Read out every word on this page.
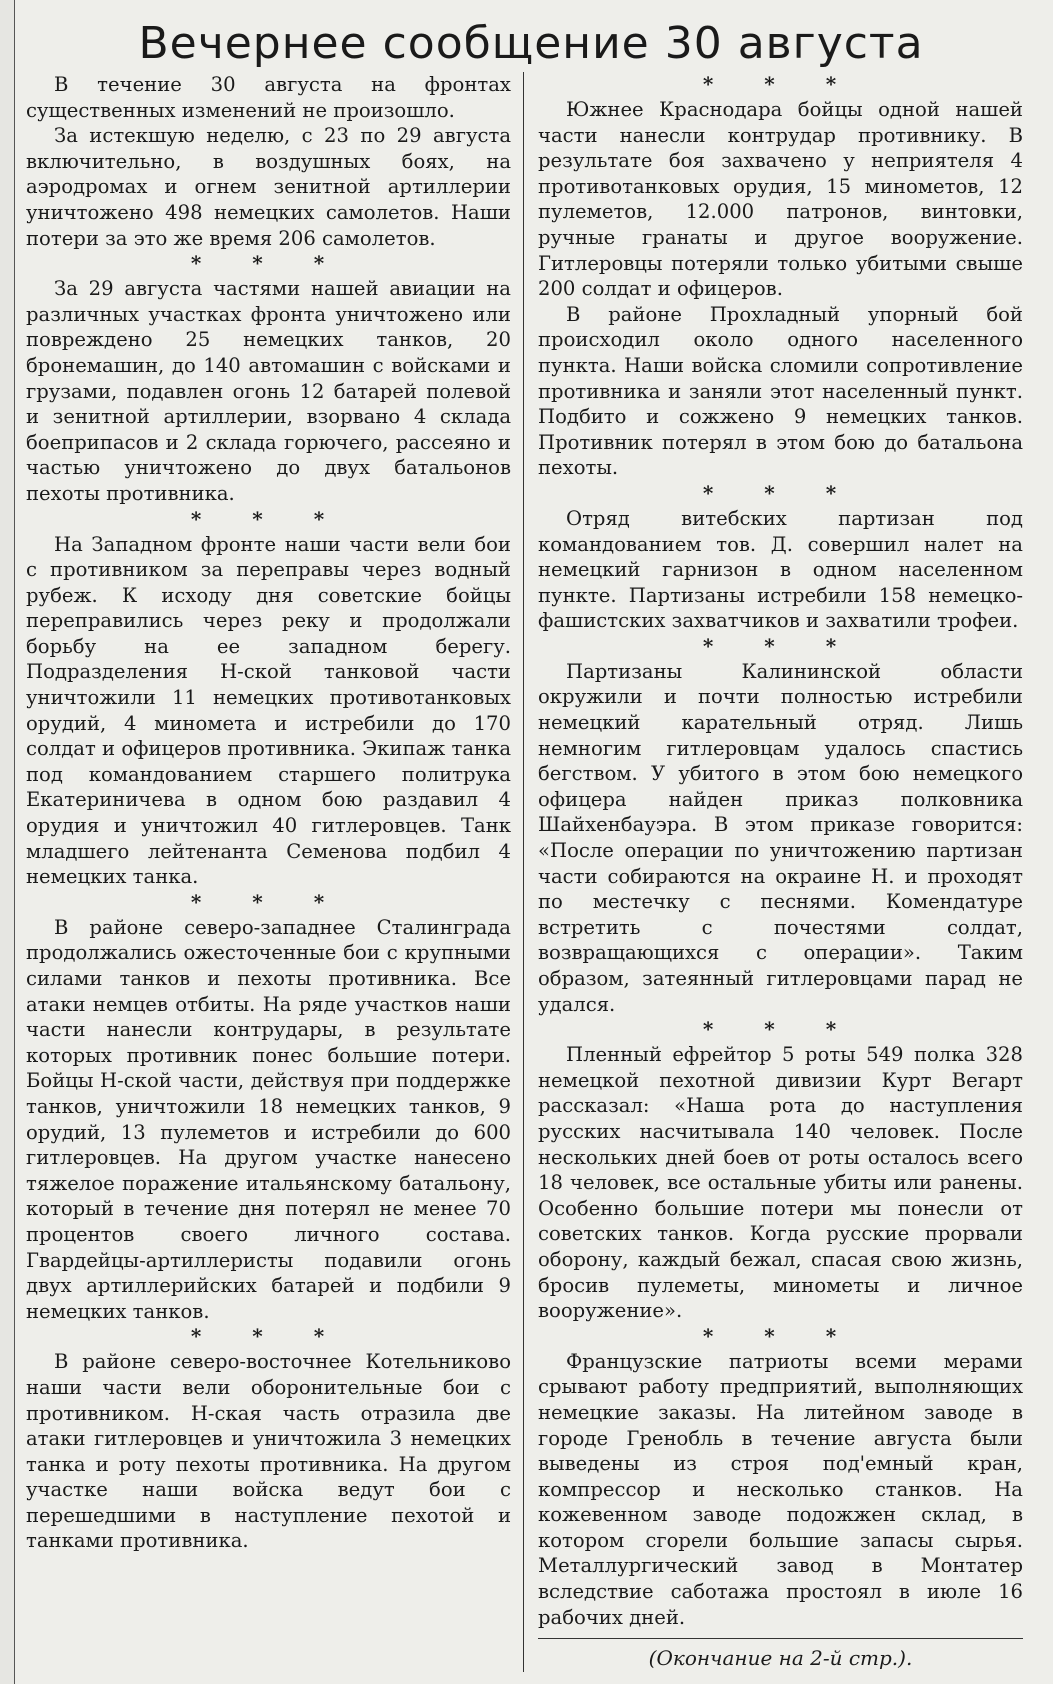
Вечернее сообщение 30 августа

В течение 30 августа на фронтах существенных изменений не произошло.

За истекшую неделю, с 23 по 29 августа включительно, в воздушных боях, на аэродромах и огнем зенитной артиллерии уничтожено 498 немецких самолетов. Наши потери за это же время 206 самолетов.

* * *

За 29 августа частями нашей авиации на различных участках фронта уничтожено или повреждено 25 немецких танков, 20 бронемашин, до 140 автомашин с войсками и грузами, подавлен огонь 12 батарей полевой и зенитной артиллерии, взорвано 4 склада боеприпасов и 2 склада горючего, рассеяно и частью уничтожено до двух батальонов пехоты противника.

* * *

На Западном фронте наши части вели бои с противником за переправы через водный рубеж. К исходу дня советские бойцы переправились через реку и продолжали борьбу на ее западном берегу. Подразделения Н-ской танковой части уничтожили 11 немецких противотанковых орудий, 4 миномета и истребили до 170 солдат и офицеров противника. Экипаж танка под командованием старшего политрука Екатериничева в одном бою раздавил 4 орудия и уничтожил 40 гитлеровцев. Танк младшего лейтенанта Семенова подбил 4 немецких танка.

* * *

В районе северо-западнее Сталинграда продолжались ожесточенные бои с крупными силами танков и пехоты противника. Все атаки немцев отбиты. На ряде участков наши части нанесли контрудары, в результате которых противник понес большие потери. Бойцы Н-ской части, действуя при поддержке танков, уничтожили 18 немецких танков, 9 орудий, 13 пулеметов и истребили до 600 гитлеровцев. На другом участке нанесено тяжелое поражение итальянскому батальону, который в течение дня потерял не менее 70 процентов своего личного состава. Гвардейцы-артиллеристы подавили огонь двух артиллерийских батарей и подбили 9 немецких танков.

* * *

В районе северо-восточнее Котельниково наши части вели оборонительные бои с противником. Н-ская часть отразила две атаки гитлеровцев и уничтожила 3 немецких танка и роту пехоты противника. На другом участке наши войска ведут бои с перешедшими в наступление пехотой и танками противника.

* * *

Южнее Краснодара бойцы одной нашей части нанесли контрудар противнику. В результате боя захвачено у неприятеля 4 противотанковых орудия, 15 минометов, 12 пулеметов, 12.000 патронов, винтовки, ручные гранаты и другое вооружение. Гитлеровцы потеряли только убитыми свыше 200 солдат и офицеров.

В районе Прохладный упорный бой происходил около одного населенного пункта. Наши войска сломили сопротивление противника и заняли этот населенный пункт. Подбито и сожжено 9 немецких танков. Противник потерял в этом бою до батальона пехоты.

* * *

Отряд витебских партизан под командованием тов. Д. совершил налет на немецкий гарнизон в одном населенном пункте. Партизаны истребили 158 немецко-фашистских захватчиков и захватили трофеи.

* * *

Партизаны Калининской области окружили и почти полностью истребили немецкий карательный отряд. Лишь немногим гитлеровцам удалось спастись бегством. У убитого в этом бою немецкого офицера найден приказ полковника Шайхенбауэра. В этом приказе говорится: «После операции по уничтожению партизан части собираются на окраине Н. и проходят по местечку с песнями. Комендатуре встретить с почестями солдат, возвращающихся с операции». Таким образом, затеянный гитлеровцами парад не удался.

* * *

Пленный ефрейтор 5 роты 549 полка 328 немецкой пехотной дивизии Курт Вегарт рассказал: «Наша рота до наступления русских насчитывала 140 человек. После нескольких дней боев от роты осталось всего 18 человек, все остальные убиты или ранены. Особенно большие потери мы понесли от советских танков. Когда русские прорвали оборону, каждый бежал, спасая свою жизнь, бросив пулеметы, минометы и личное вооружение».

* * *

Французские патриоты всеми мерами срывают работу предприятий, выполняющих немецкие заказы. На литейном заводе в городе Гренобль в течение августа были выведены из строя под'емный кран, компрессор и несколько станков. На кожевенном заводе подожжен склад, в котором сгорели большие запасы сырья. Металлургический завод в Монтатер вследствие саботажа простоял в июле 16 рабочих дней.

(Окончание на 2-й стр.).
